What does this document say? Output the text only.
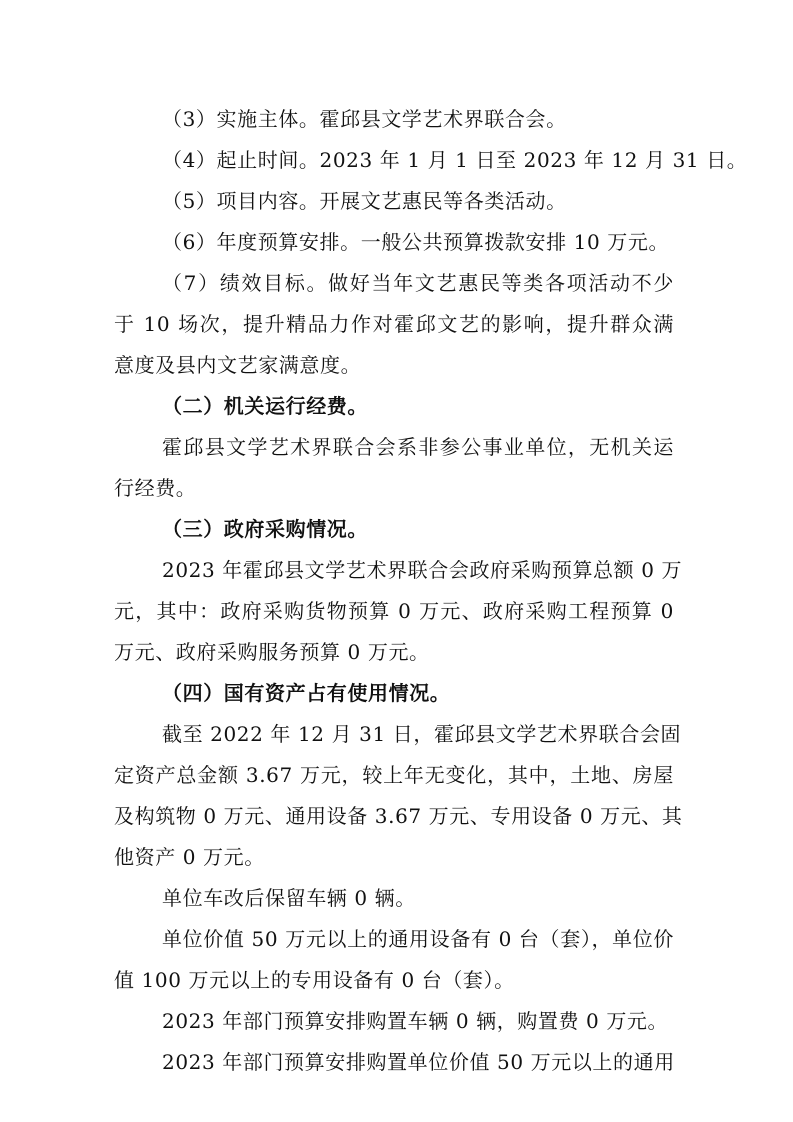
（3）实施主体。霍邱县文学艺术界联合会。
（4）起止时间。2023 年 1 月 1 日至 2023 年 12 月 31 日。
（5）项目内容。开展文艺惠民等各类活动。
（6）年度预算安排。一般公共预算拨款安排 10 万元。
（7）绩效目标。做好当年文艺惠民等类各项活动不少
于 10 场次，提升精品力作对霍邱文艺的影响，提升群众满
意度及县内文艺家满意度。
（二）机关运行经费。
霍邱县文学艺术界联合会系非参公事业单位，无机关运
行经费。
（三）政府采购情况。
2023 年霍邱县文学艺术界联合会政府采购预算总额 0 万
元，其中：政府采购货物预算 0 万元、政府采购工程预算 0
万元、政府采购服务预算 0 万元。
（四）国有资产占有使用情况。
截至 2022 年 12 月 31 日，霍邱县文学艺术界联合会固
定资产总金额 3.67 万元，较上年无变化，其中，土地、房屋
及构筑物 0 万元、通用设备 3.67 万元、专用设备 0 万元、其
他资产 0 万元。
单位车改后保留车辆 0 辆。
单位价值 50 万元以上的通用设备有 0 台（套），单位价
值 100 万元以上的专用设备有 0 台（套）。
2023 年部门预算安排购置车辆 0 辆，购置费 0 万元。
2023 年部门预算安排购置单位价值 50 万元以上的通用
